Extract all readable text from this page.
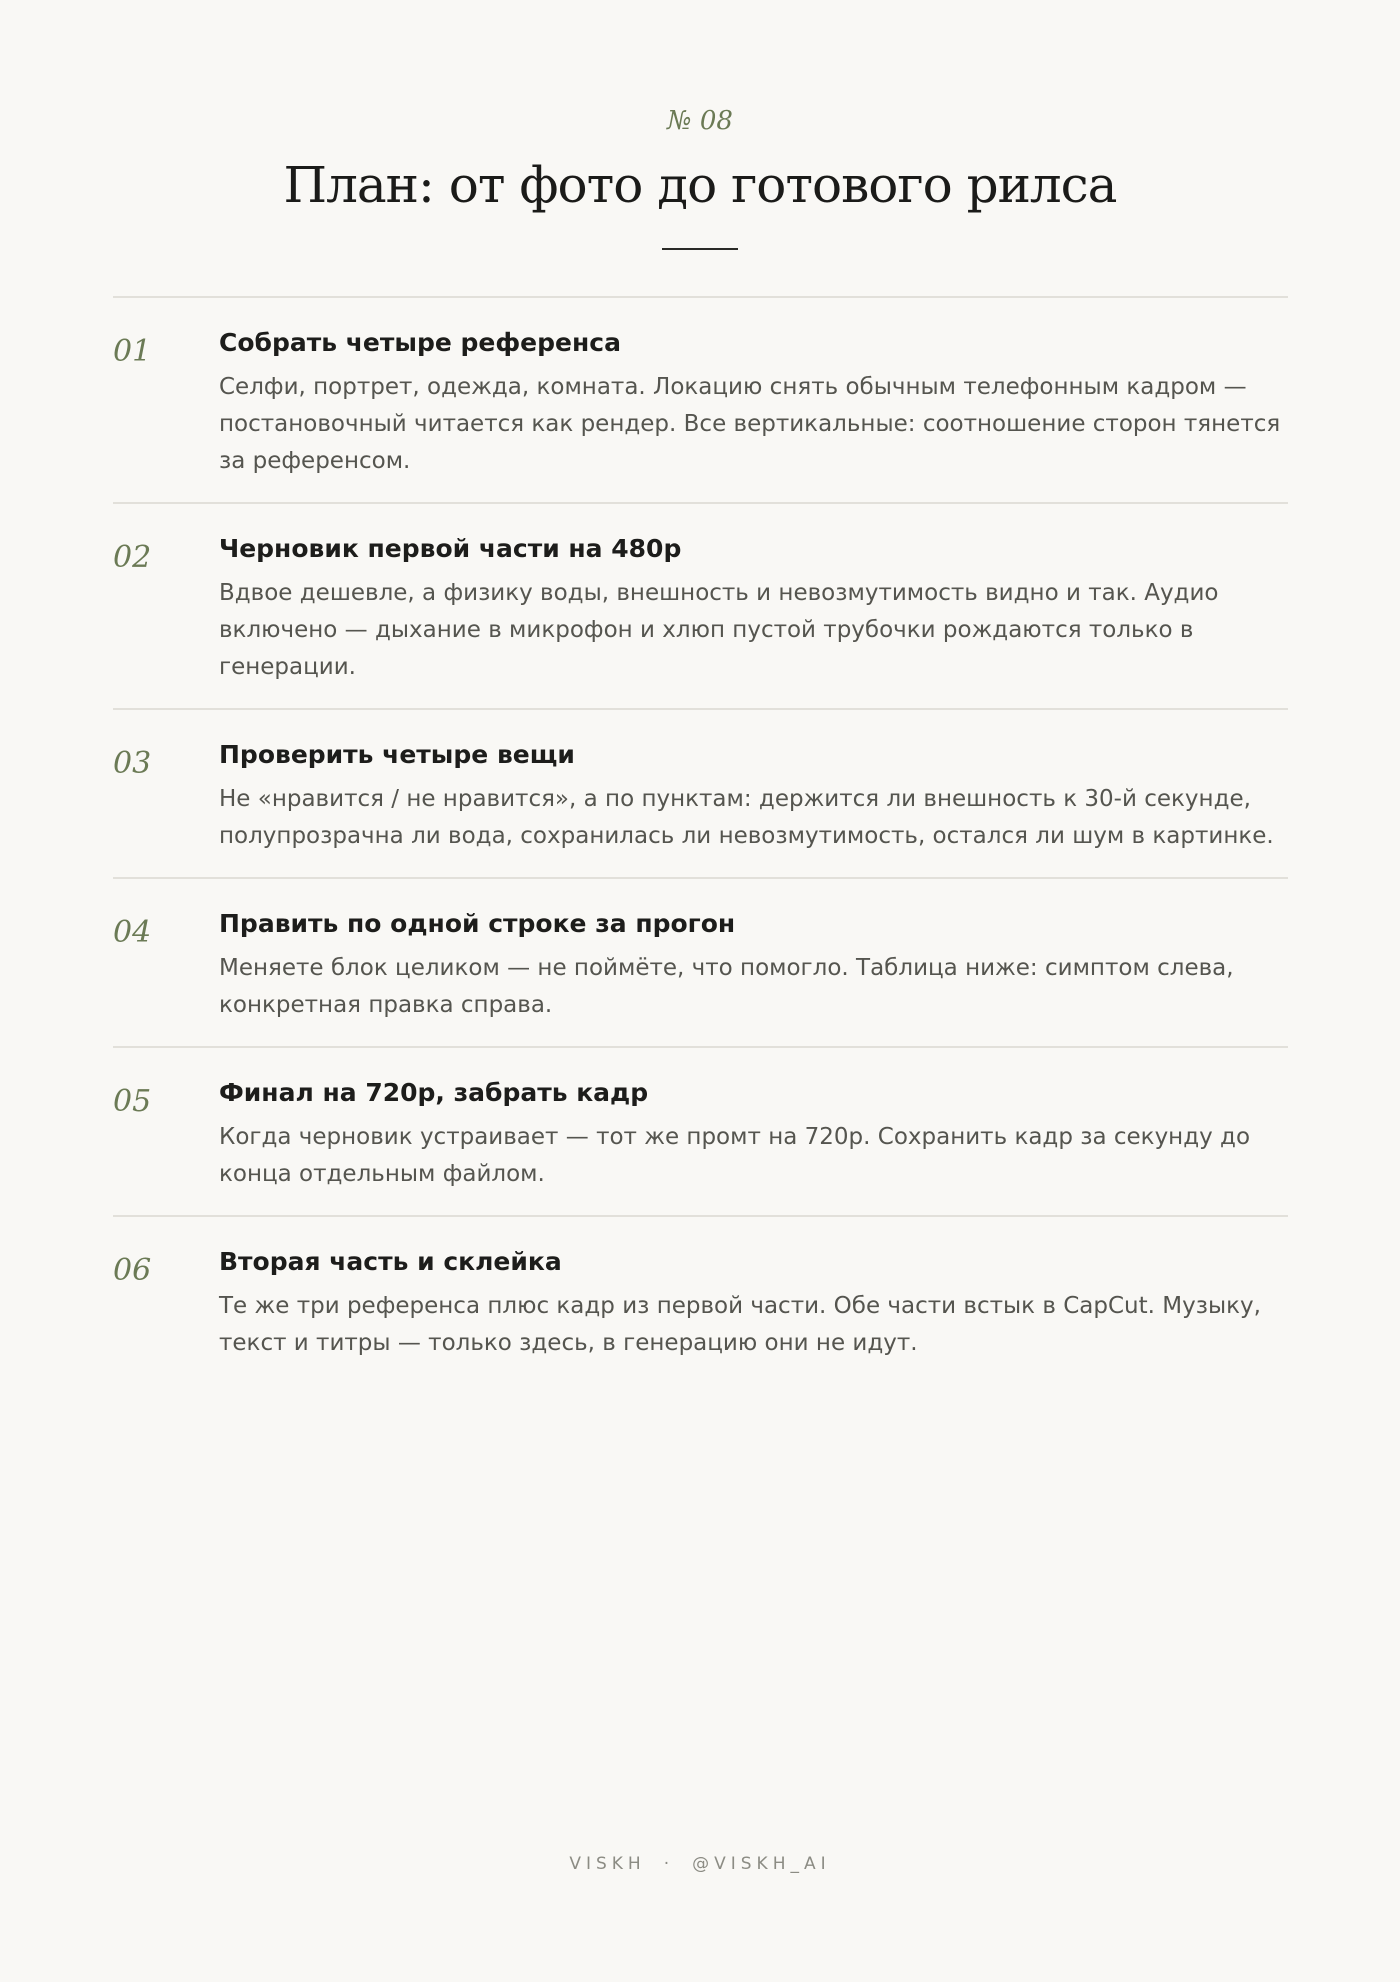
№ 08
План: от фото до готового рилса
01	Собрать четыре референса

Селфи, портрет, одежда, комната. Локацию снять обычным телефонным кадром — постановочный читается как рендер. Все вертикальные: соотношение сторон тянется за референсом.

02	Черновик первой части на 480p

Вдвое дешевле, а физику воды, внешность и невозмутимость видно и так. Аудио включено — дыхание в микрофон и хлюп пустой трубочки рождаются только в генерации.

03	Проверить четыре вещи

Не «нравится / не нравится», а по пунктам: держится ли внешность к 30-й секунде, полупрозрачна ли вода, сохранилась ли невозмутимость, остался ли шум в картинке.

04	Править по одной строке за прогон

Меняете блок целиком — не поймёте, что помогло. Таблица ниже: симптом слева, конкретная правка справа.

05	Финал на 720p, забрать кадр

Когда черновик устраивает — тот же промт на 720p. Сохранить кадр за секунду до конца отдельным файлом.

06	Вторая часть и склейка

Те же три референса плюс кадр из первой части. Обе части встык в CapCut. Музыку, текст и титры — только здесь, в генерацию они не идут.

VISKH · @VISKH_AI
